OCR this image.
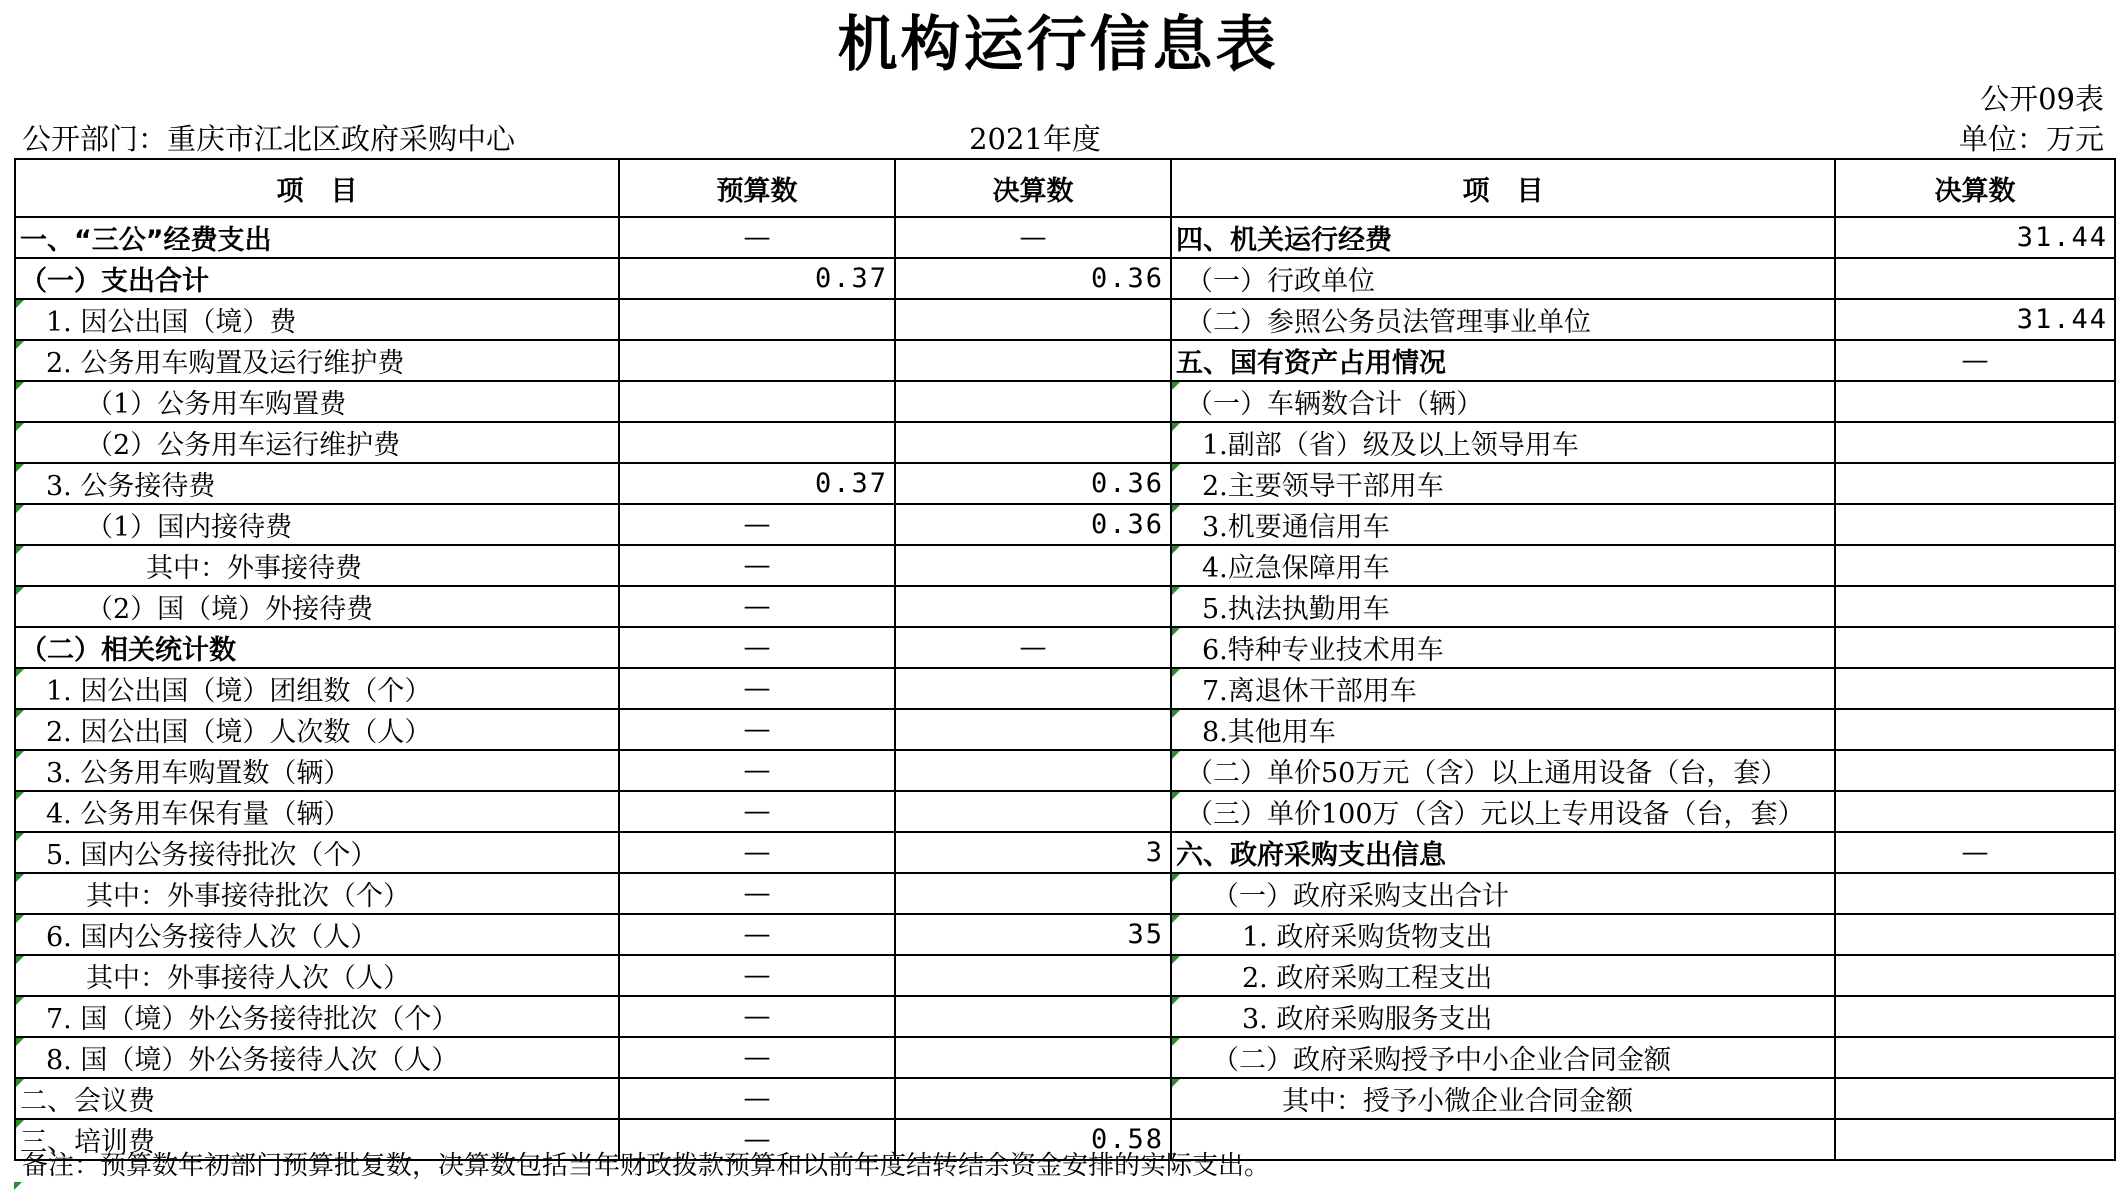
机构运行信息表
公开09表
公开部门：重庆市江北区政府采购中心	2021年度	单位：万元
项　目	预算数	决算数	项　目	决算数
一、“三公”经费支出	—	—	四、机关运行经费	31.44
（一）支出合计	0.37	0.36	（一）行政单位	
1. 因公出国（境）费			（二）参照公务员法管理事业单位	31.44
2. 公务用车购置及运行维护费			五、国有资产占用情况	—
（1）公务用车购置费			（一）车辆数合计（辆）	
（2）公务用车运行维护费			1.副部（省）级及以上领导用车	
3. 公务接待费	0.37	0.36	2.主要领导干部用车	
（1）国内接待费	—	0.36	3.机要通信用车	
其中：外事接待费	—		4.应急保障用车	
（2）国（境）外接待费	—		5.执法执勤用车	
（二）相关统计数	—	—	6.特种专业技术用车	
1. 因公出国（境）团组数（个）	—		7.离退休干部用车	
2. 因公出国（境）人次数（人）	—		8.其他用车	
3. 公务用车购置数（辆）	—		（二）单价50万元（含）以上通用设备（台，套）	
4. 公务用车保有量（辆）	—		（三）单价100万（含）元以上专用设备（台，套）	
5. 国内公务接待批次（个）	—	3	六、政府采购支出信息	—
其中：外事接待批次（个）	—		（一）政府采购支出合计	
6. 国内公务接待人次（人）	—	35	1. 政府采购货物支出	
其中：外事接待人次（人）	—		2. 政府采购工程支出	
7. 国（境）外公务接待批次（个）	—		3. 政府采购服务支出	
8. 国（境）外公务接待人次（人）	—		（二）政府采购授予中小企业合同金额	
二、会议费	—		其中：授予小微企业合同金额	
三、培训费	—	0.58		
备注：预算数年初部门预算批复数，决算数包括当年财政拨款预算和以前年度结转结余资金安排的实际支出。
